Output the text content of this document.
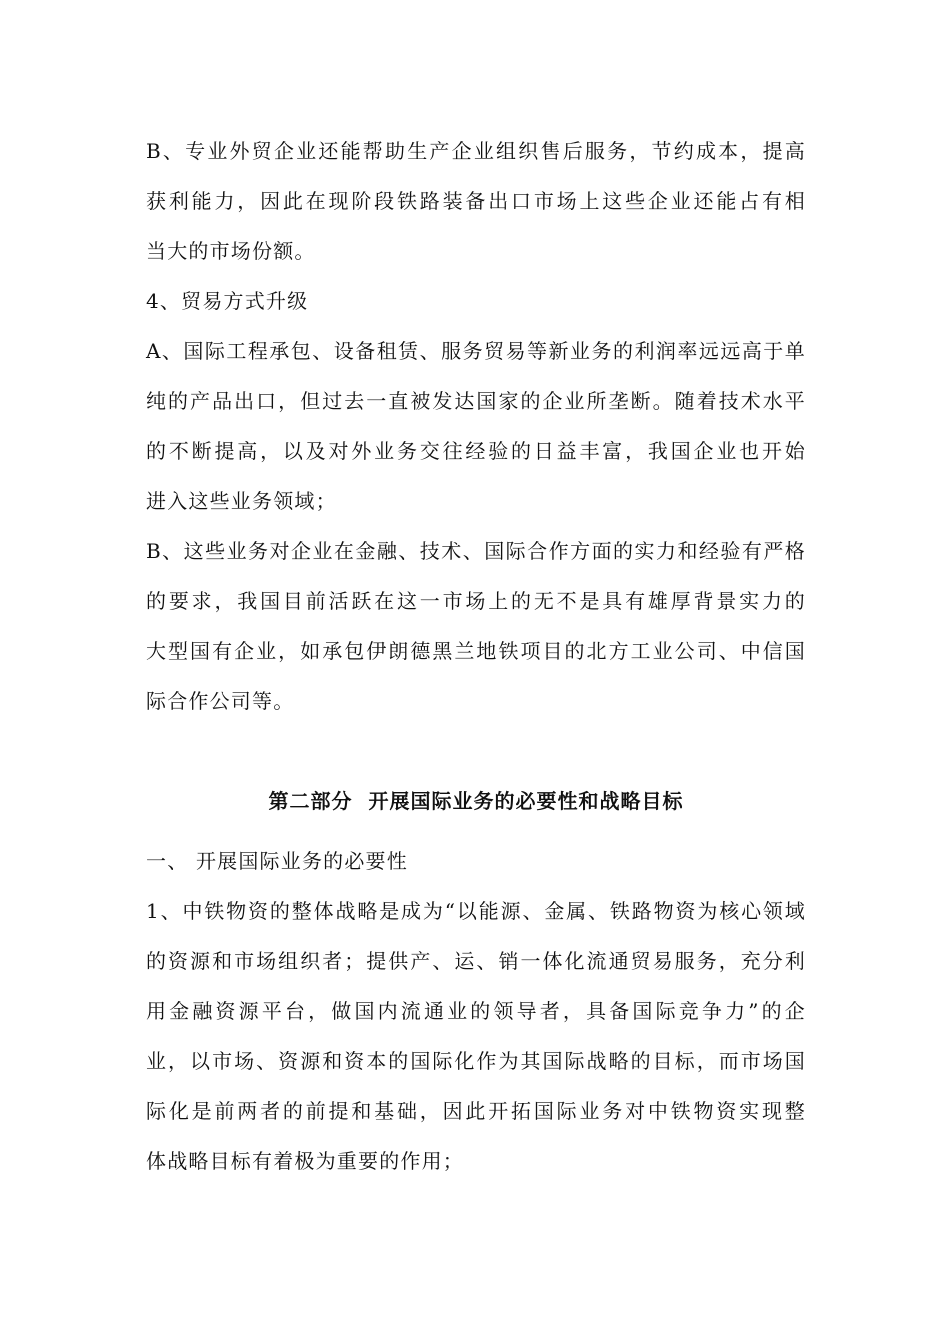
B、专业外贸企业还能帮助生产企业组织售后服务，节约成本，提高

获利能力，因此在现阶段铁路装备出口市场上这些企业还能占有相

当大的市场份额。

4、贸易方式升级

A、国际工程承包、设备租赁、服务贸易等新业务的利润率远远高于单

纯的产品出口，但过去一直被发达国家的企业所垄断。随着技术水平

的不断提高，以及对外业务交往经验的日益丰富，我国企业也开始

进入这些业务领域；

B、这些业务对企业在金融、技术、国际合作方面的实力和经验有严格

的要求，我国目前活跃在这一市场上的无不是具有雄厚背景实力的

大型国有企业，如承包伊朗德黑兰地铁项目的北方工业公司、中信国

际合作公司等。

第二部分  开展国际业务的必要性和战略目标

一、 开展国际业务的必要性

1、中铁物资的整体战略是成为“以能源、金属、铁路物资为核心领域

的资源和市场组织者；提供产、运、销一体化流通贸易服务，充分利

用金融资源平台，做国内流通业的领导者，具备国际竞争力”的企

业，以市场、资源和资本的国际化作为其国际战略的目标，而市场国

际化是前两者的前提和基础，因此开拓国际业务对中铁物资实现整

体战略目标有着极为重要的作用；
